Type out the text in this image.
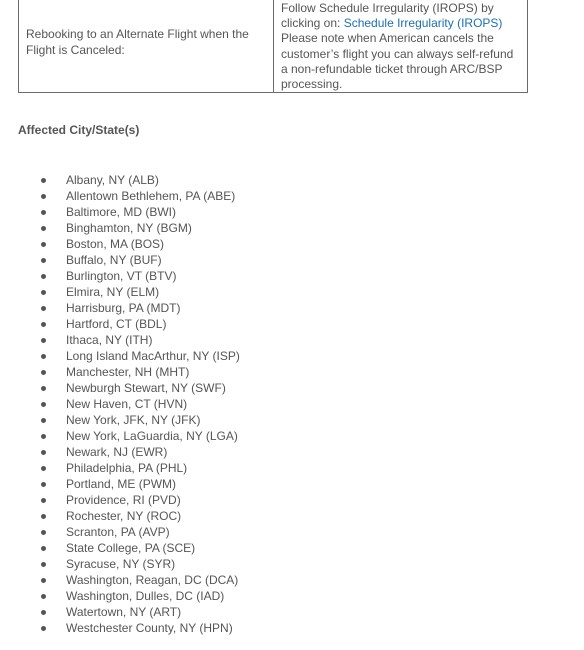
Rebooking to an Alternate Flight when the Flight is Canceled:	Follow Schedule Irregularity (IROPS) by clicking on: Schedule Irregularity (IROPS)
Please note when American cancels the customer’s flight you can always self-refund a non-refundable ticket through ARC/BSP processing.

Affected City/State(s)

Albany, NY (ALB)
Allentown Bethlehem, PA (ABE)
Baltimore, MD (BWI)
Binghamton, NY (BGM)
Boston, MA (BOS)
Buffalo, NY (BUF)
Burlington, VT (BTV)
Elmira, NY (ELM)
Harrisburg, PA (MDT)
Hartford, CT (BDL)
Ithaca, NY (ITH)
Long Island MacArthur, NY (ISP)
Manchester, NH (MHT)
Newburgh Stewart, NY (SWF)
New Haven, CT (HVN)
New York, JFK, NY (JFK)
New York, LaGuardia, NY (LGA)
Newark, NJ (EWR)
Philadelphia, PA (PHL)
Portland, ME (PWM)
Providence, RI (PVD)
Rochester, NY (ROC)
Scranton, PA (AVP)
State College, PA (SCE)
Syracuse, NY (SYR)
Washington, Reagan, DC (DCA)
Washington, Dulles, DC (IAD)
Watertown, NY (ART)
Westchester County, NY (HPN)
